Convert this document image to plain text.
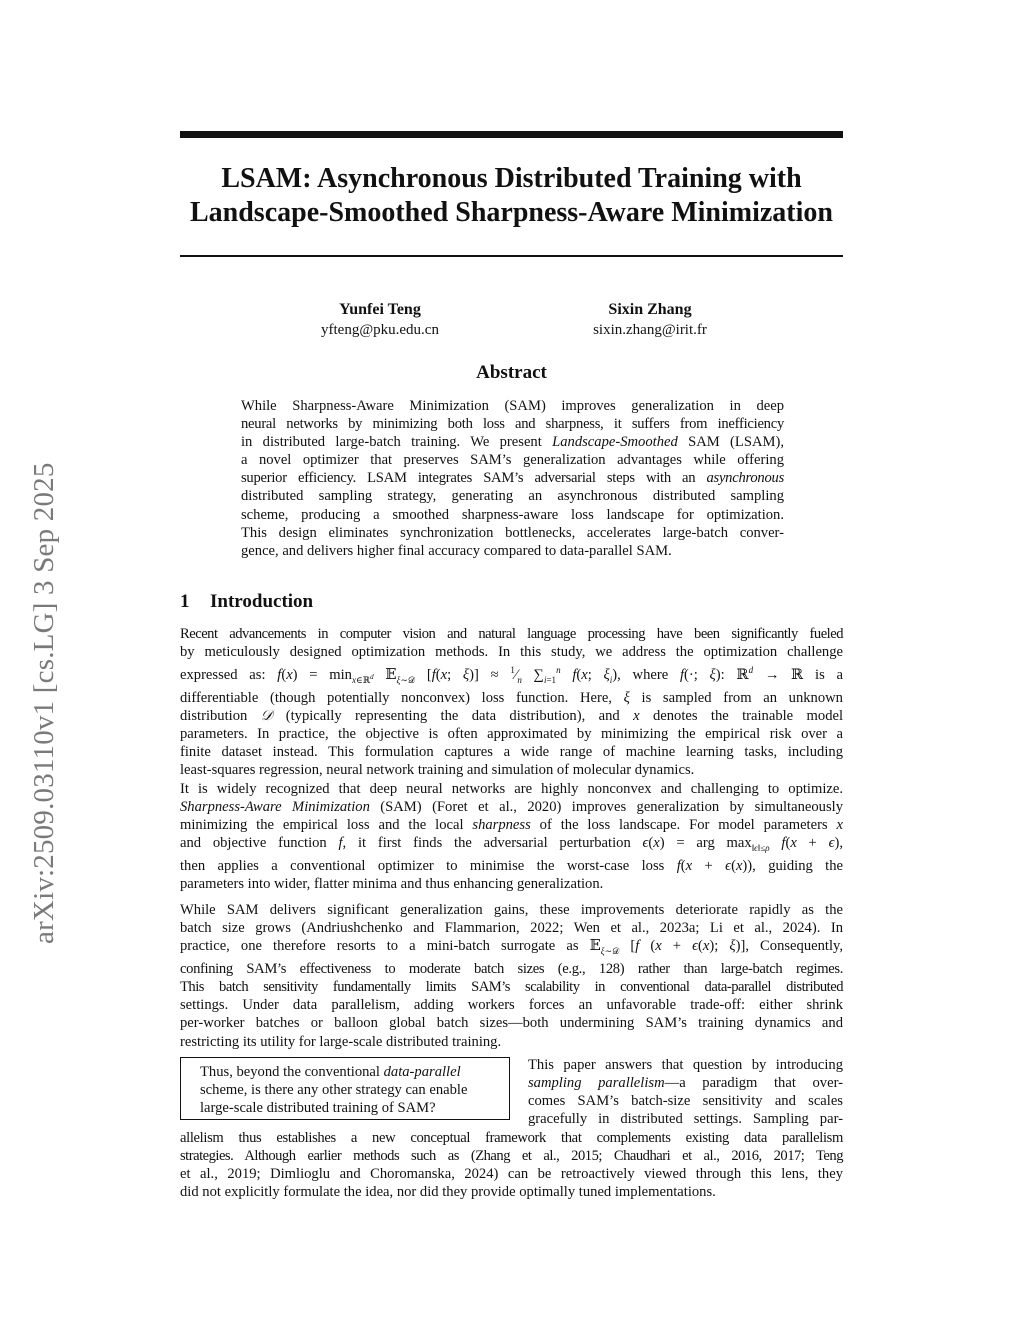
arXiv:2509.03110v1 [cs.LG] 3 Sep 2025
LSAM: Asynchronous Distributed Training with
Landscape-Smoothed Sharpness-Aware Minimization
Yunfei Teng
yfteng@pku.edu.cn
Sixin Zhang
sixin.zhang@irit.fr
Abstract
While Sharpness-Aware Minimization (SAM) improves generalization in deep
neural networks by minimizing both loss and sharpness, it suffers from inefficiency
in distributed large-batch training. We present Landscape-Smoothed SAM (LSAM),
a novel optimizer that preserves SAM’s generalization advantages while offering
superior efficiency. LSAM integrates SAM’s adversarial steps with an asynchronous
distributed sampling strategy, generating an asynchronous distributed sampling
scheme, producing a smoothed sharpness-aware loss landscape for optimization.
This design eliminates synchronization bottlenecks, accelerates large-batch conver-
gence, and delivers higher final accuracy compared to data-parallel SAM.
1 Introduction
Recent advancements in computer vision and natural language processing have been significantly fueled
by meticulously designed optimization methods. In this study, we address the optimization challenge
expressed as: $f(x) = \min_{x\in ℝ^d}$ 𝔼$_{\xi\sim 𝒟}$ [f(x; $\xi)] \approx ^1⁄_n$ $\sum_{i=1}^n$ f(x; $\xi_i$), where f(·; ξ): ℝ$^d$ → ℝ is a
differentiable (though potentially nonconvex) loss function. Here, ξ is sampled from an unknown
distribution 𝒟 (typically representing the data distribution), and x denotes the trainable model
parameters. In practice, the objective is often approximated by minimizing the empirical risk over a
finite dataset instead. This formulation captures a wide range of machine learning tasks, including
least-squares regression, neural network training and simulation of molecular dynamics.
It is widely recognized that deep neural networks are highly nonconvex and challenging to optimize.
Sharpness-Aware Minimization (SAM) (Foret et al., 2020) improves generalization by simultaneously
minimizing the empirical loss and the local sharpness of the loss landscape. For model parameters x
and objective function f, it first finds the adversarial perturbation ϵ(x) = arg $\max_{‖\epsilon‖\le\rho} f(x + \epsilon)$,
then applies a conventional optimizer to minimise the worst-case loss f(x + ϵ(x)), guiding the
parameters into wider, flatter minima and thus enhancing generalization.
While SAM delivers significant generalization gains, these improvements deteriorate rapidly as the
batch size grows (Andriushchenko and Flammarion, 2022; Wen et al., 2023a; Li et al., 2024). In
practice, one therefore resorts to a mini-batch surrogate as 𝔼$_{\xi\sim 𝒟}$ [f (x + ϵ(x); ξ)], Consequently,
confining SAM’s effectiveness to moderate batch sizes (e.g., 128) rather than large-batch regimes.
This batch sensitivity fundamentally limits SAM’s scalability in conventional data-parallel distributed
settings. Under data parallelism, adding workers forces an unfavorable trade-off: either shrink
per-worker batches or balloon global batch sizes—both undermining SAM’s training dynamics and
restricting its utility for large-scale distributed training.
Thus, beyond the conventional data-parallel
scheme, is there any other strategy can enable
large-scale distributed training of SAM?
This paper answers that question by introducing
sampling parallelism—a paradigm that over-
comes SAM’s batch-size sensitivity and scales
gracefully in distributed settings. Sampling par-
allelism thus establishes a new conceptual framework that complements existing data parallelism
strategies. Although earlier methods such as (Zhang et al., 2015; Chaudhari et al., 2016, 2017; Teng
et al., 2019; Dimlioglu and Choromanska, 2024) can be retroactively viewed through this lens, they
did not explicitly formulate the idea, nor did they provide optimally tuned implementations.
